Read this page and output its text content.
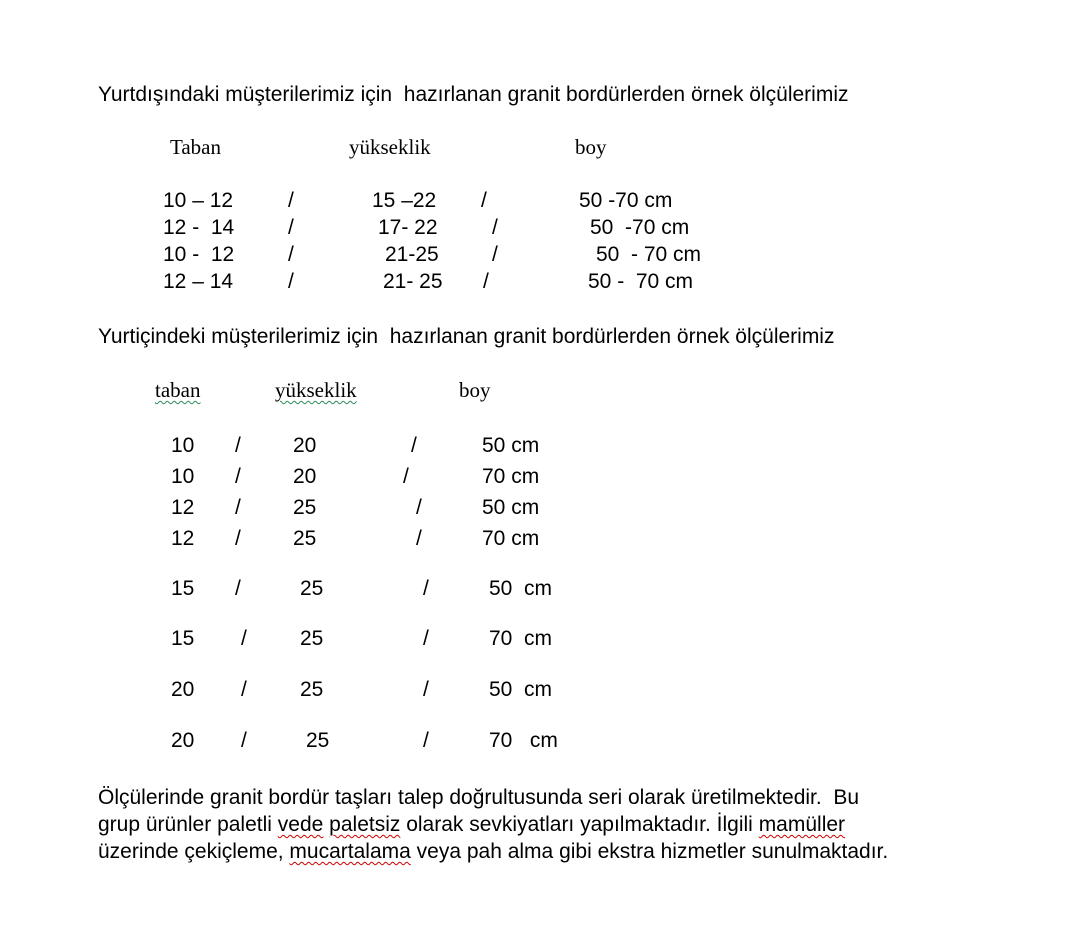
Yurtdışındaki müşterilerimiz için  hazırlanan granit bordürlerden örnek ölçülerimiz
Taban	yükseklik	boy
10 – 12	/	15 –22 /	50 -70 cm
12 -  14	/	17- 22	/	50  -70 cm
10 -  12	/	21-25	/	50  - 70 cm
12 – 14	/	21- 25 /	50 -  70 cm
Yurtiçindeki müşterilerimiz için  hazırlanan granit bordürlerden örnek ölçülerimiz
taban	yükseklik	boy
10 / 20	/	50 cm
10 / 20	/	70 cm
12 / 25	/	50 cm
12 / 25	/	70 cm
15 /	25	/	50  cm
15 /	25	/	70  cm
20 /	25	/	50  cm
20 /	25	/	70   cm
Ölçülerinde granit bordür taşları talep doğrultusunda seri olarak üretilmektedir.  Bu
grup ürünler paletli vede paletsiz olarak sevkiyatları yapılmaktadır. İlgili mamüller
üzerinde çekiçleme, mucartalama veya pah alma gibi ekstra hizmetler sunulmaktadır.
